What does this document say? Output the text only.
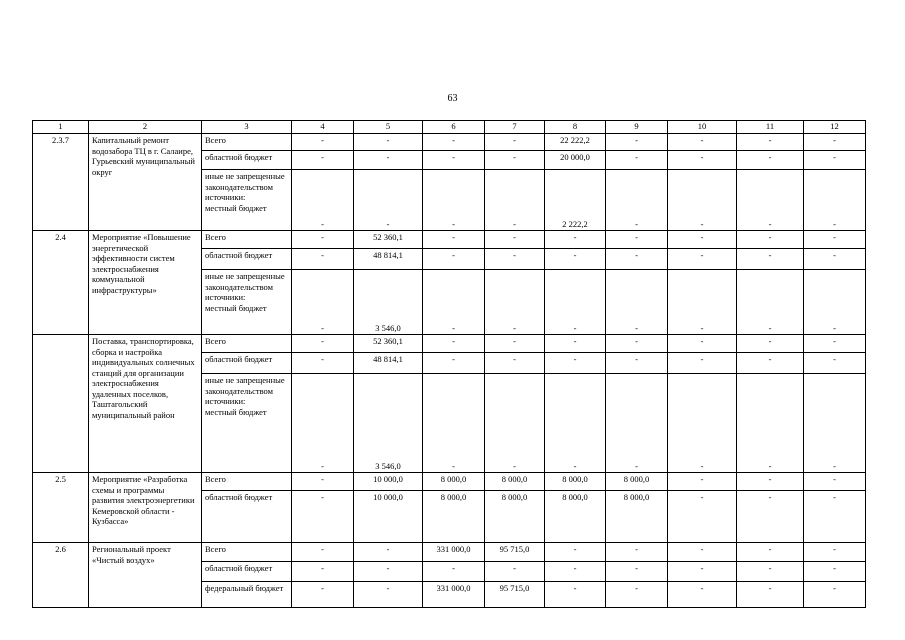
63
1	2	3	4	5	6	7	8	9	10	11	12
2.3.7	Капитальный ремонт водозабора ТЦ в г. Салаире, Гурьевский муниципальный округ	Всего	-	-	-	-	22 222,2	-	-	-	-

		областной бюджет	-	-	-	-	20 000,0	-	-	-	-

		иные не запрещенные законодательством источники:
местный бюджет	-	-	-	-	2 222,2	-	-	-	-
2.4	Мероприятие «Повышение энергетической эффективности систем электроснабжения коммунальной инфраструктуры»	Всего	-	52 360,1	-	-	-	-	-	-	-

		областной бюджет	-	48 814,1	-	-	-	-	-	-	-

		иные не запрещенные законодательством источники:
местный бюджет	-	3 546,0	-	-	-	-	-	-	-
	Поставка, транспортировка, сборка и настройка индивидуальных солнечных станций для организации электроснабжения удаленных поселков, Таштагольский муниципальный район	Всего	-	52 360,1	-	-	-	-	-	-	-

		областной бюджет	-	48 814,1	-	-	-	-	-	-	-

		иные не запрещенные законодательством источники:
местный бюджет	-	3 546,0	-	-	-	-	-	-	-
2.5	Мероприятие «Разработка схемы и программы развития электроэнергетики Кемеровской области - Кузбасса»	Всего	-	10 000,0	8 000,0	8 000,0	8 000,0	8 000,0	-	-	-

		областной бюджет	-	10 000,0	8 000,0	8 000,0	8 000,0	8 000,0	-	-	-
2.6	Региональный проект «Чистый воздух»	Всего	-	-	331 000,0	95 715,0	-	-	-	-	-

		областной бюджет	-	-	-	-	-	-	-	-	-

		федеральный бюджет	-	-	331 000,0	95 715,0	-	-	-	-	-
